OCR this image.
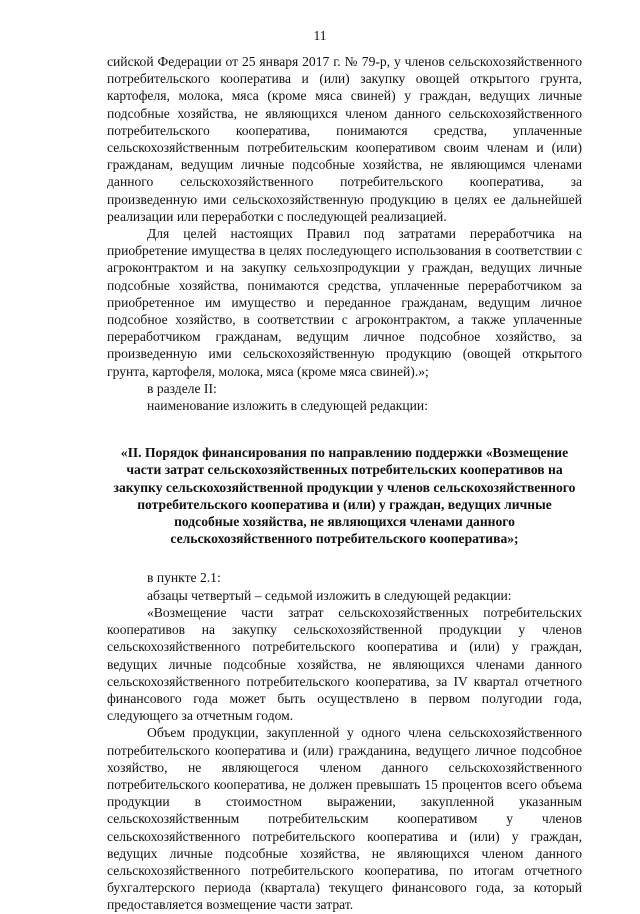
11

сийской Федерации от 25 января 2017 г. № 79-р, у членов сельскохозяйственного потребительского кооператива и (или) закупку овощей открытого грунта, картофеля, молока, мяса (кроме мяса свиней) у граждан, ведущих личные подсобные хозяйства, не являющихся членом данного сельскохозяйственного потребительского кооператива, понимаются средства, уплаченные сельскохозяйственным потребительским кооперативом своим членам и (или) гражданам, ведущим личные подсобные хозяйства, не являющимся членами данного сельскохозяйственного потребительского кооператива, за произведенную ими сельскохозяйственную продукцию в целях ее дальнейшей реализации или переработки с последующей реализацией.

Для целей настоящих Правил под затратами переработчика на приобретение имущества в целях последующего использования в соответствии с агроконтрактом и на закупку сельхозпродукции у граждан, ведущих личные подсобные хозяйства, понимаются средства, уплаченные переработчиком за приобретенное им имущество и переданное гражданам, ведущим личное подсобное хозяйство, в соответствии с агроконтрактом, а также уплаченные переработчиком гражданам, ведущим личное подсобное хозяйство, за произведенную ими сельскохозяйственную продукцию (овощей открытого грунта, картофеля, молока, мяса (кроме мяса свиней).»;

в разделе II:

наименование изложить в следующей редакции:

«II. Порядок финансирования по направлению поддержки «Возмещение части затрат сельскохозяйственных потребительских кооперативов на закупку сельскохозяйственной продукции у членов сельскохозяйственного потребительского кооператива и (или) у граждан, ведущих личные подсобные хозяйства, не являющихся членами данного сельскохозяйственного потребительского кооператива»;

в пункте 2.1:

абзацы четвертый – седьмой изложить в следующей редакции:

«Возмещение части затрат сельскохозяйственных потребительских кооперативов на закупку сельскохозяйственной продукции у членов сельскохозяйственного потребительского кооператива и (или) у граждан, ведущих личные подсобные хозяйства, не являющихся членами данного сельскохозяйственного потребительского кооператива, за IV квартал отчетного финансового года может быть осуществлено в первом полугодии года, следующего за отчетным годом.

Объем продукции, закупленной у одного члена сельскохозяйственного потребительского кооператива и (или) гражданина, ведущего личное подсобное хозяйство, не являющегося членом данного сельскохозяйственного потребительского кооператива, не должен превышать 15 процентов всего объема продукции в стоимостном выражении, закупленной указанным сельскохозяйственным потребительским кооперативом у членов сельскохозяйственного потребительского кооператива и (или) у граждан, ведущих личные подсобные хозяйства, не являющихся членом данного сельскохозяйственного потребительского кооператива, по итогам отчетного бухгалтерского периода (квартала) текущего финансового года, за который предоставляется возмещение части затрат.
